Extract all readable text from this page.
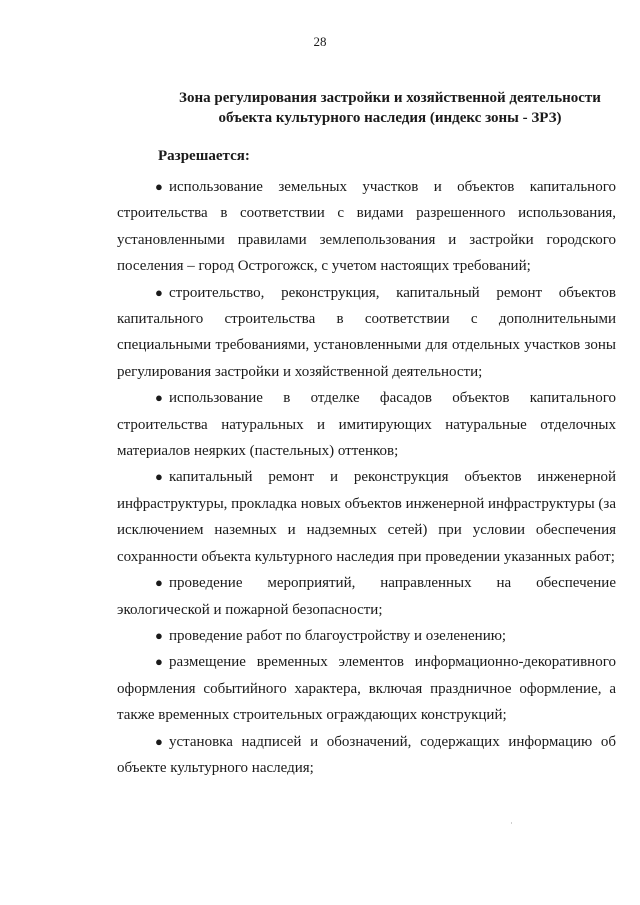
28
Зона регулирования застройки и хозяйственной деятельности
объекта культурного наследия (индекс зоны - ЗРЗ)
Разрешается:

● использование земельных участков и объектов капитального строительства в соответствии с видами разрешенного использования, установленными правилами землепользования и застройки городского поселения – город Острогожск, с учетом настоящих требований;

● строительство, реконструкция, капитальный ремонт объектов капитального строительства в соответствии с дополнительными специальными требованиями, установленными для отдельных участков зоны регулирования застройки и хозяйственной деятельности;

● использование в отделке фасадов объектов капитального строительства натуральных и имитирующих натуральные отделочных материалов неярких (пастельных) оттенков;

● капитальный ремонт и реконструкция объектов инженерной инфраструктуры, прокладка новых объектов инженерной инфраструктуры (за исключением наземных и надземных сетей) при условии обеспечения сохранности объекта культурного наследия при проведении указанных работ;

● проведение мероприятий, направленных на обеспечение экологической и пожарной безопасности;

● проведение работ по благоустройству и озеленению;

● размещение временных элементов информационно-декоративного оформления событийного характера, включая праздничное оформление, а также временных строительных ограждающих конструкций;

● установка надписей и обозначений, содержащих информацию об объекте культурного наследия;
